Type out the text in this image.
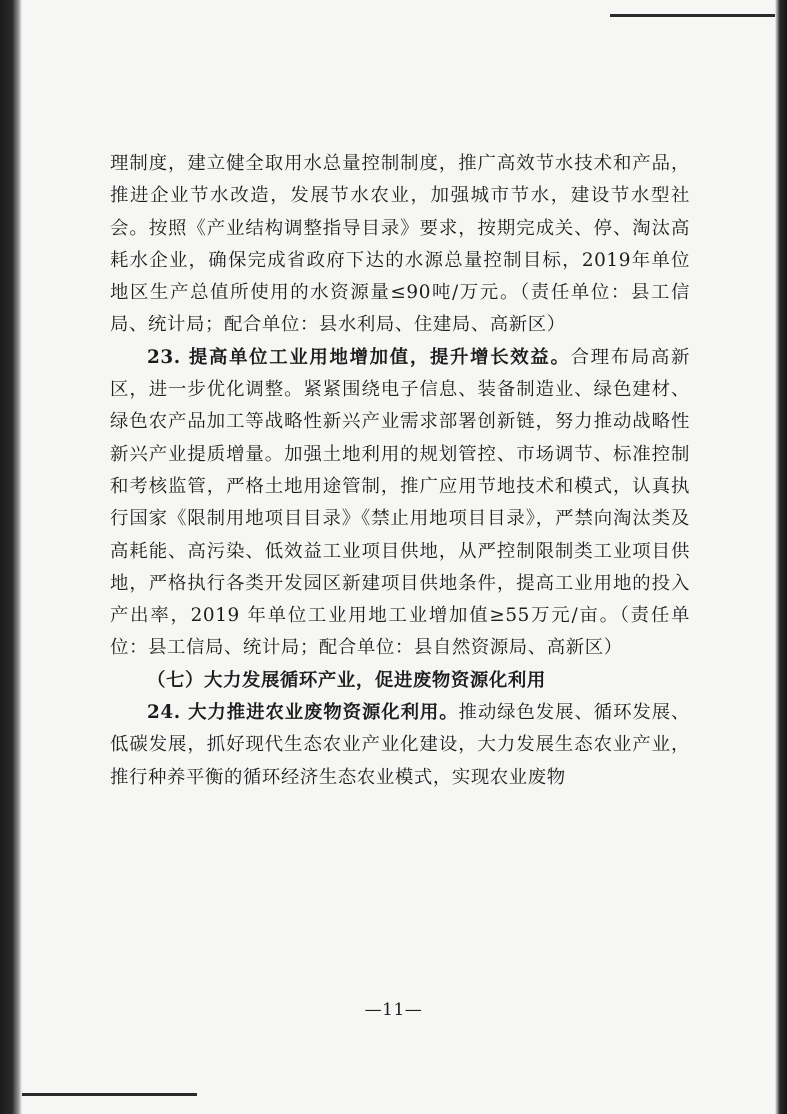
理制度，建立健全取用水总量控制制度，推广高效节水技术和产品，推进企业节水改造，发展节水农业，加强城市节水，建设节水型社会。按照《产业结构调整指导目录》要求，按期完成关、停、淘汰高耗水企业，确保完成省政府下达的水源总量控制目标，2019年单位地区生产总值所使用的水资源量≤90吨/万元。（责任单位：县工信局、统计局；配合单位：县水利局、住建局、高新区）

23. 提高单位工业用地增加值，提升增长效益。合理布局高新区，进一步优化调整。紧紧围绕电子信息、装备制造业、绿色建材、绿色农产品加工等战略性新兴产业需求部署创新链，努力推动战略性新兴产业提质增量。加强土地利用的规划管控、市场调节、标准控制和考核监管，严格土地用途管制，推广应用节地技术和模式，认真执行国家《限制用地项目目录》《禁止用地项目目录》，严禁向淘汰类及高耗能、高污染、低效益工业项目供地，从严控制限制类工业项目供地，严格执行各类开发园区新建项目供地条件，提高工业用地的投入产出率，2019 年单位工业用地工业增加值≥55万元/亩。（责任单位：县工信局、统计局；配合单位：县自然资源局、高新区）

（七）大力发展循环产业，促进废物资源化利用

24. 大力推进农业废物资源化利用。推动绿色发展、循环发展、低碳发展，抓好现代生态农业产业化建设，大力发展生态农业产业，推行种养平衡的循环经济生态农业模式，实现农业废物

—11—
